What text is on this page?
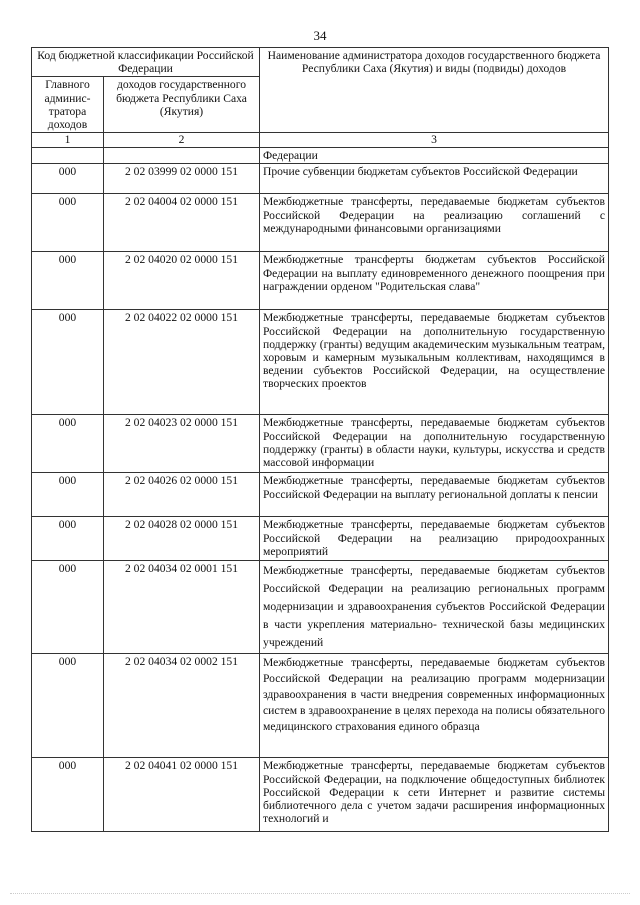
34
Код бюджетной классификации Российской Федерации		Наименование администратора доходов государственного бюджета Республики Саха (Якутия) и виды (подвиды) доходов
Главного админис-тратора доходов	доходов государственного бюджета Республики Саха (Якутия)	
1	2	3
		Федерации
000	2 02 03999 02 0000 151	Прочие субвенции бюджетам субъектов Российской Федерации
000	2 02 04004 02 0000 151	Межбюджетные трансферты, передаваемые бюджетам субъектов Российской Федерации на реализацию соглашений с международными финансовыми организациями
000	2 02 04020 02 0000 151	Межбюджетные трансферты бюджетам субъектов Российской Федерации на выплату единовременного денежного поощрения при награждении орденом "Родительская слава"
000	2 02 04022 02 0000 151	Межбюджетные трансферты, передаваемые бюджетам субъектов Российской Федерации на дополнительную государственную поддержку (гранты) ведущим академическим музыкальным театрам, хоровым и камерным музыкальным коллективам, находящимся в ведении субъектов Российской Федерации, на осуществление творческих проектов
000	2 02 04023 02 0000 151	Межбюджетные трансферты, передаваемые бюджетам субъектов Российской Федерации на дополнительную государственную поддержку (гранты) в области науки, культуры, искусства и средств массовой информации
000	2 02 04026 02 0000 151	Межбюджетные трансферты, передаваемые бюджетам субъектов Российской Федерации на выплату региональной доплаты к пенсии
000	2 02 04028 02 0000 151	Межбюджетные трансферты, передаваемые бюджетам субъектов Российской Федерации на реализацию природоохранных мероприятий
000	2 02 04034 02 0001 151	Межбюджетные трансферты, передаваемые бюджетам субъектов Российской Федерации на реализацию региональных программ модернизации и здравоохранения субъектов Российской Федерации в части укрепления материально- технической базы медицинских учреждений
000	2 02 04034 02 0002 151	Межбюджетные трансферты, передаваемые бюджетам субъектов Российской Федерации на реализацию программ модернизации здравоохранения в части внедрения современных информационных систем в здравоохранение в целях перехода на полисы обязательного медицинского страхования единого образца
000	2 02 04041 02 0000 151	Межбюджетные трансферты, передаваемые бюджетам субъектов Российской Федерации, на подключение общедоступных библиотек Российской Федерации к сети Интернет и развитие системы библиотечного дела с учетом задачи расширения информационных технологий и
